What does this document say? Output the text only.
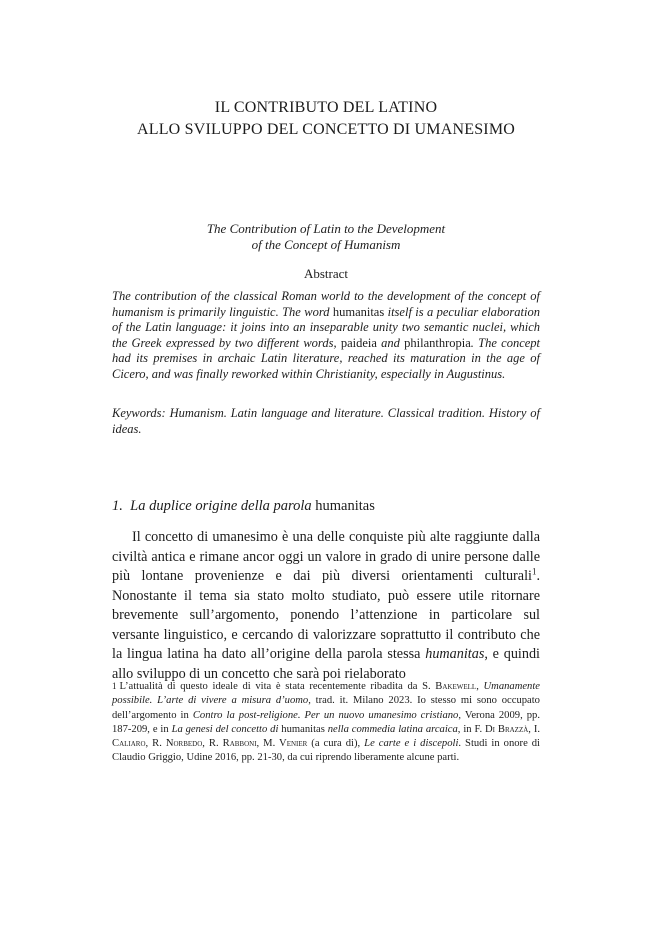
IL CONTRIBUTO DEL LATINO
ALLO SVILUPPO DEL CONCETTO DI UMANESIMO
The Contribution of Latin to the Development
of the Concept of Humanism
Abstract
The contribution of the classical Roman world to the development of the concept of humanism is primarily linguistic. The word humanitas itself is a peculiar elaboration of the Latin language: it joins into an inseparable unity two semantic nuclei, which the Greek expressed by two different words, paideia and philanthropia. The concept had its premises in archaic Latin literature, reached its maturation in the age of Cicero, and was finally reworked within Christianity, especially in Augustinus.
Keywords: Humanism. Latin language and literature. Classical tradition. History of ideas.
1. La duplice origine della parola humanitas

Il concetto di umanesimo è una delle conquiste più alte raggiunte dalla civiltà antica e rimane ancor oggi un valore in grado di unire persone dalle più lontane provenienze e dai più diversi orientamenti culturali$^1$. Nonostante il tema sia stato molto studiato, può essere utile ritornare brevemente sull’argomento, ponendo l’attenzione in particolare sul versante linguistico, e cercando di valorizzare soprattutto il contributo che la lingua latina ha dato all’origine della parola stessa humanitas, e quindi allo sviluppo di un concetto che sarà poi rielaborato

1 L’attualità di questo ideale di vita è stata recentemente ribadita da S. Bakewell, Umanamente possibile. L’arte di vivere a misura d’uomo, trad. it. Milano 2023. Io stesso mi sono occupato dell’argomento in Contro la post-religione. Per un nuovo umanesimo cristiano, Verona 2009, pp. 187-209, e in La genesi del concetto di humanitas nella commedia latina arcaica, in F. Di Brazzà, I. Caliaro, R. Norbedo, R. Rabboni, M. Venier (a cura di), Le carte e i discepoli. Studi in onore di Claudio Griggio, Udine 2016, pp. 21-30, da cui riprendo liberamente alcune parti.
